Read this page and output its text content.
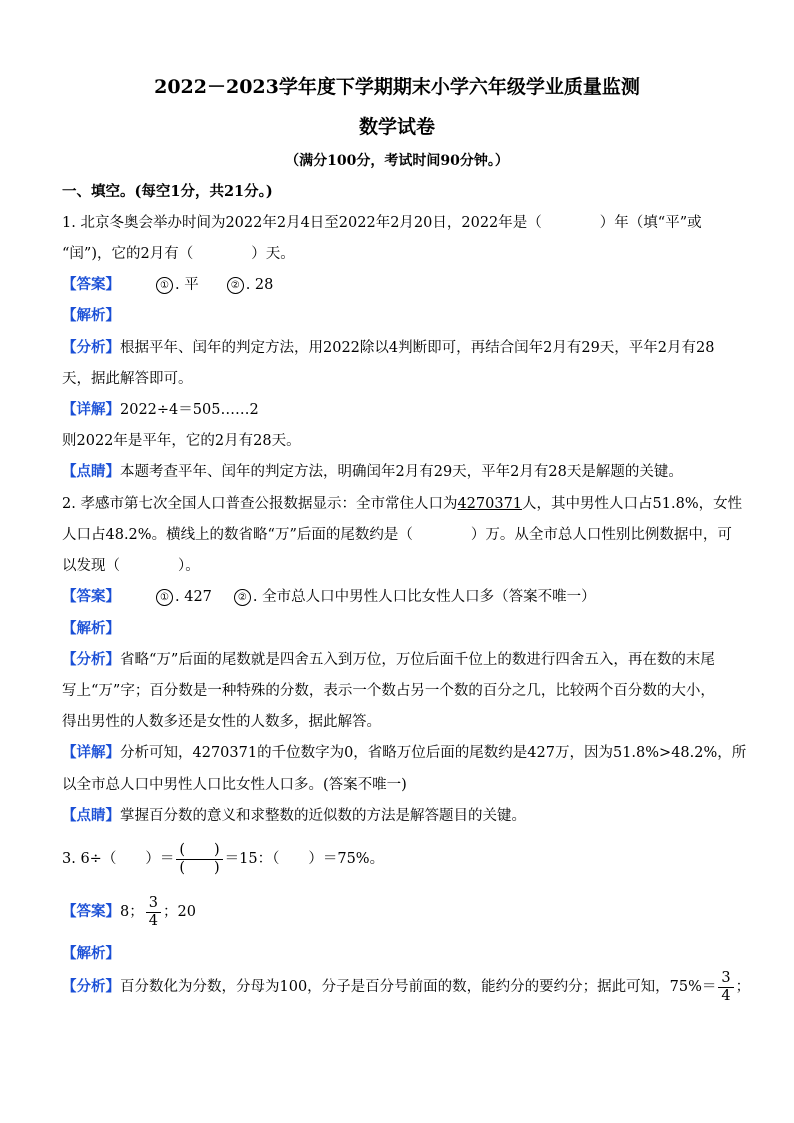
2022－2023学年度下学期期末小学六年级学业质量监测
数学试卷
（满分100分，考试时间90分钟。）
一、填空。(每空1分，共21分。)
1. 北京冬奥会举办时间为2022年2月4日至2022年2月20日，2022年是（	）年（填“平”或
“闰”)，它的2月有（	）天。
【答案】	① . 平	② . 28
【解析】
【分析】根据平年、闰年的判定方法，用2022除以4判断即可，再结合闰年2月有29天，平年2月有28
天，据此解答即可。
【详解】2022÷4＝505……2
则2022年是平年，它的2月有28天。
【点睛】本题考查平年、闰年的判定方法，明确闰年2月有29天，平年2月有28天是解题的关键。
2. 孝感市第七次全国人口普查公报数据显示：全市常住人口为4270371人，其中男性人口占51.8%，女性
人口占48.2%。横线上的数省略“万”后面的尾数约是（	）万。从全市总人口性别比例数据中，可
以发现（	）。
【答案】	① . 427	② . 全市总人口中男性人口比女性人口多（答案不唯一）
【解析】
【分析】省略“万”后面的尾数就是四舍五入到万位，万位后面千位上的数进行四舍五入，再在数的末尾
写上“万”字；百分数是一种特殊的分数，表示一个数占另一个数的百分之几，比较两个百分数的大小，
得出男性的人数多还是女性的人数多，据此解答。
【详解】分析可知，4270371的千位数字为0，省略万位后面的尾数约是427万，因为51.8%>48.2%，所
以全市总人口中男性人口比女性人口多。(答案不唯一)
【点睛】掌握百分数的意义和求整数的近似数的方法是解答题目的关键。
3. 6÷（　　）＝ $\frac{( )}{( )} =15$：（　　）＝75%。
【答案】8； $\frac{3}{4}$ ；20
【解析】
【分析】百分数化为分数，分母为100，分子是百分号前面的数，能约分的要约分；据此可知，$75\%= \frac{3}{4}$ ；
